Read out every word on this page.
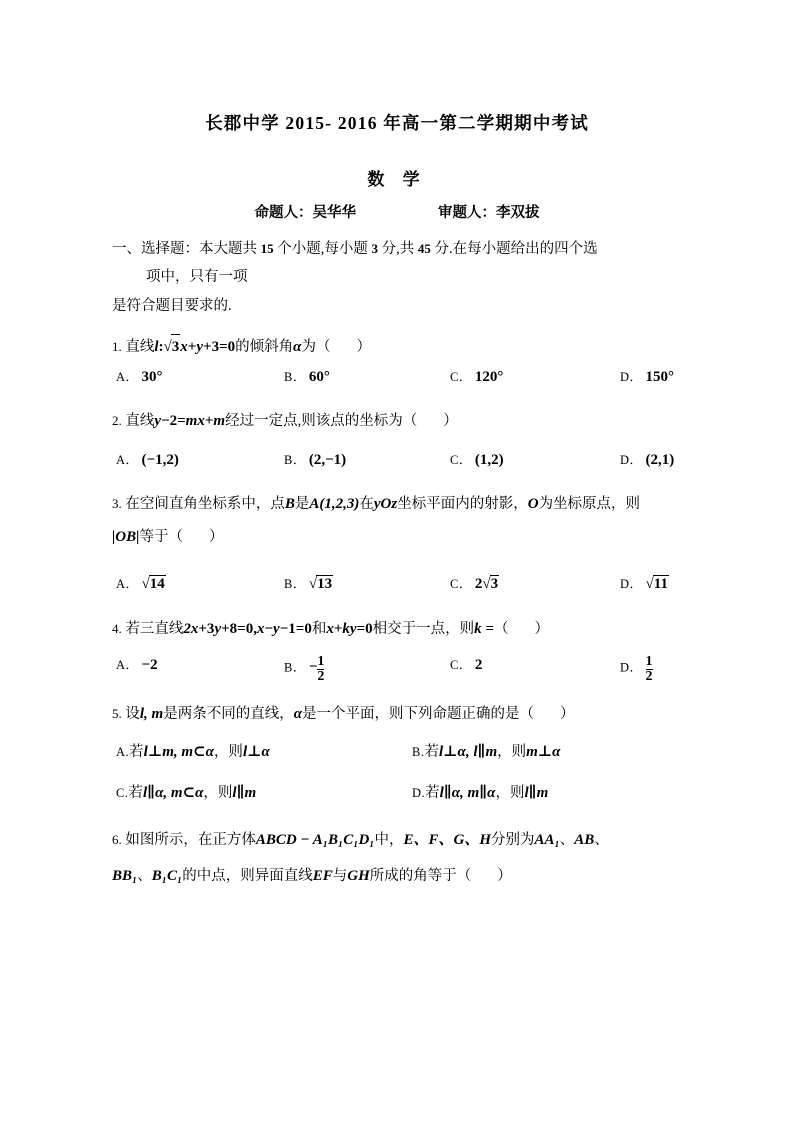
长郡中学 2015- 2016 年高一第二学期期中考试
数 学
命题人：吴华华	审题人：李双拔
一、选择题：本大题共 15 个小题,每小题 3 分,共 45 分.在每小题给出的四个选
项中，只有一项
是符合题目要求的.
1. 直线l:√3x+y+3=0的倾斜角α为（ ）
A． 30°	B． 60°	C． 120°	D． 150°
2. 直线y−2=mx+m经过一定点,则该点的坐标为（ ）
A． (−1,2)	B． (2,−1)	C． (1,2)	D． (2,1)
3. 在空间直角坐标系中，点B是A(1,2,3)在yOz坐标平面内的射影，O为坐标原点，则
|OB|等于（ ）
A． √14	B． √13	C． 2√3	D． √11
4. 若三直线2x+3y+8=0,x−y−1=0和x+ky=0相交于一点，则k =（ ）
A． −2	B． − $\frac{1}{2}$	C． 2	D． $\frac{1}{2}$
5. 设l, m是两条不同的直线，α是一个平面，则下列命题正确的是（ ）
A.若l⊥m, m⊂α，则l⊥α	B.若l⊥α, l∥m，则m⊥α
C.若l∥α, m⊂α，则l∥m	D.若l∥α, m∥α，则l∥m
6. 如图所示，在正方体ABCD − A₁B₁C₁D₁中，E、F、G、H分别为AA₁、AB、
BB₁、B₁C₁的中点，则异面直线EF与GH所成的角等于（ ）
